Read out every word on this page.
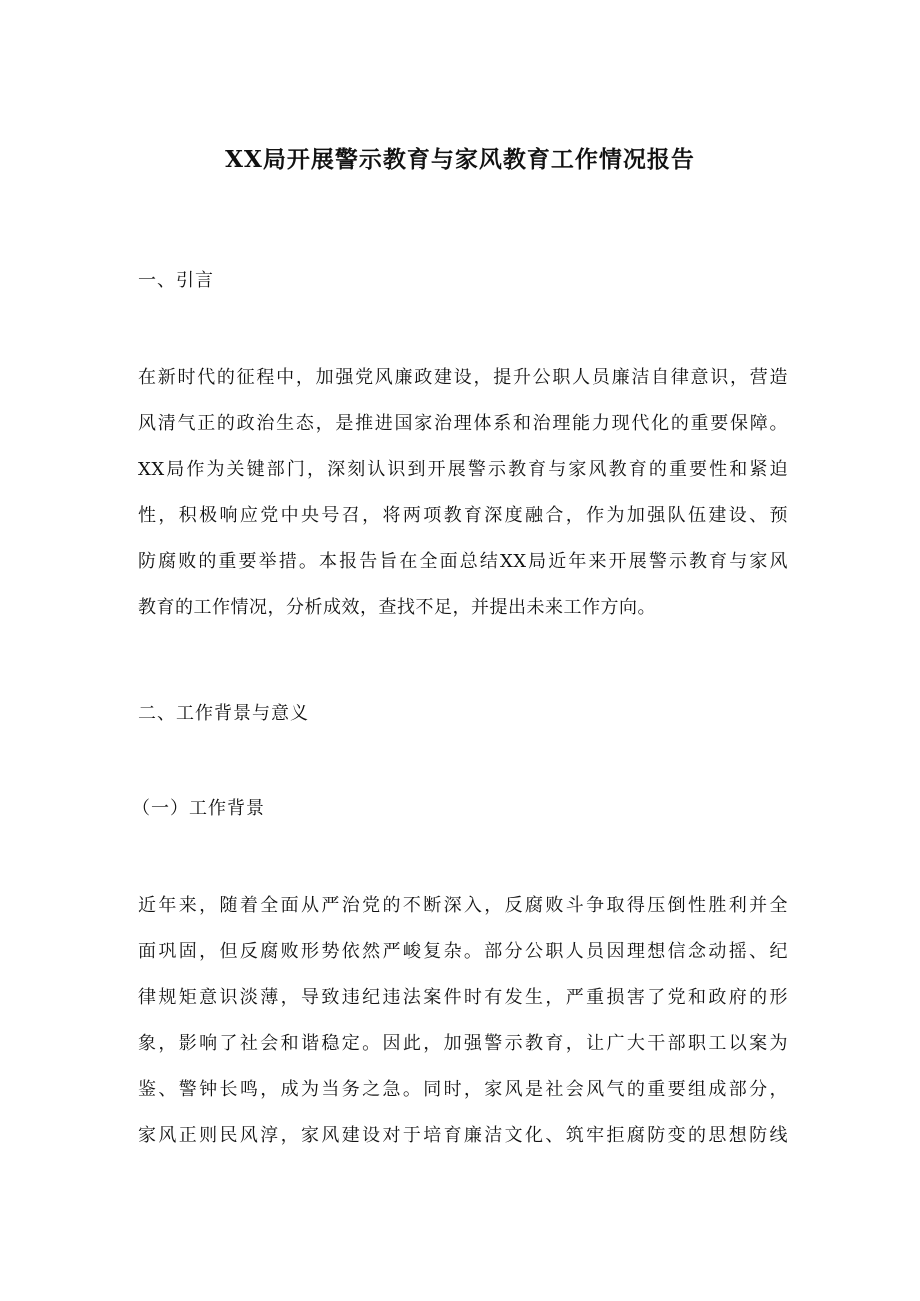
XX局开展警示教育与家风教育工作情况报告
一、引言
在新时代的征程中，加强党风廉政建设，提升公职人员廉洁自律意识，营造
风清气正的政治生态，是推进国家治理体系和治理能力现代化的重要保障。
XX局作为关键部门，深刻认识到开展警示教育与家风教育的重要性和紧迫
性，积极响应党中央号召，将两项教育深度融合，作为加强队伍建设、预
防腐败的重要举措。本报告旨在全面总结XX局近年来开展警示教育与家风
教育的工作情况，分析成效，查找不足，并提出未来工作方向。
二、工作背景与意义
（一）工作背景
近年来，随着全面从严治党的不断深入，反腐败斗争取得压倒性胜利并全
面巩固，但反腐败形势依然严峻复杂。部分公职人员因理想信念动摇、纪
律规矩意识淡薄，导致违纪违法案件时有发生，严重损害了党和政府的形
象，影响了社会和谐稳定。因此，加强警示教育，让广大干部职工以案为
鉴、警钟长鸣，成为当务之急。同时，家风是社会风气的重要组成部分，
家风正则民风淳，家风建设对于培育廉洁文化、筑牢拒腐防变的思想防线
